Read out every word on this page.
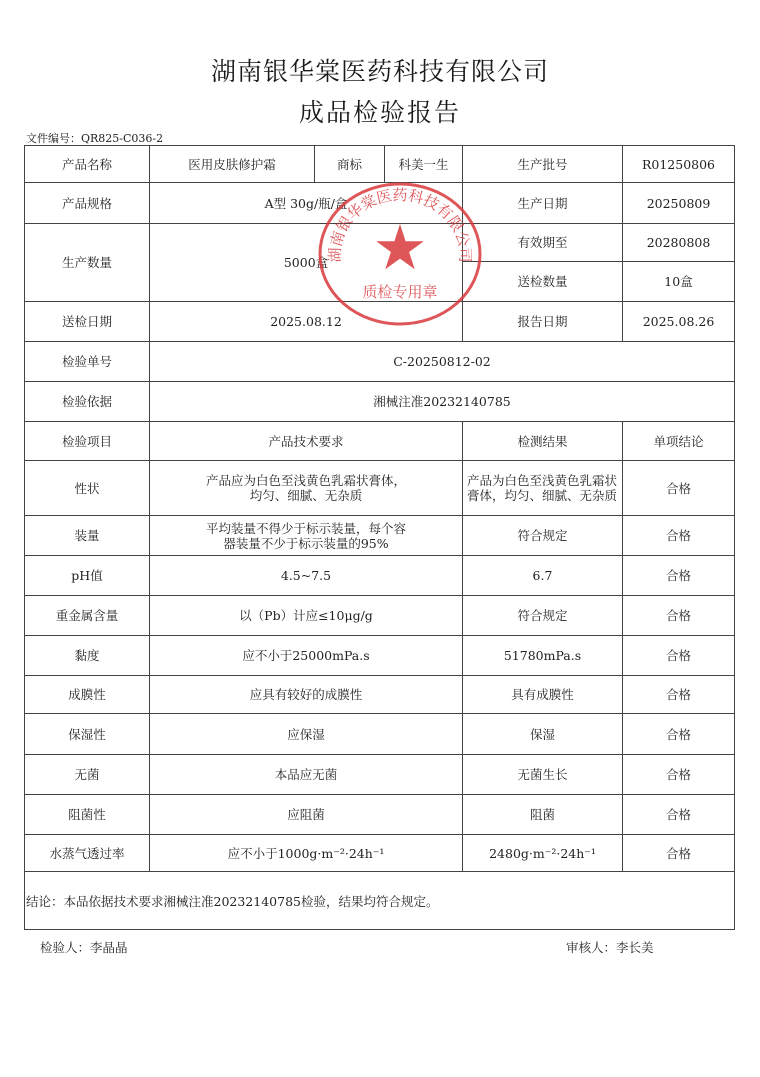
湖南银华棠医药科技有限公司
成品检验报告
文件编号：QR825-C036-2
产品名称	医用皮肤修护霜	商标	科美一生	生产批号	R01250806
产品规格	A型 30g/瓶/盒			生产日期	20250809
生产数量	5000盒			有效期至	20280808
				送检数量	10盒
送检日期	2025.08.12			报告日期	2025.08.26
检验单号	C-20250812-02				
检验依据	湘械注准20232140785				
检验项目	产品技术要求			检测结果	单项结论
性状	产品应为白色至浅黄色乳霜状膏体，均匀、细腻、无杂质			产品为白色至浅黄色乳霜状膏体，均匀、细腻、无杂质	合格
装量	平均装量不得少于标示装量，每个容器装量不少于标示装量的95%			符合规定	合格
pH值	4.5~7.5			6.7	合格
重金属含量	以（Pb）计应≤10μg/g			符合规定	合格
黏度	应不小于25000mPa.s			51780mPa.s	合格
成膜性	应具有较好的成膜性			具有成膜性	合格
保湿性	应保湿			保湿	合格
无菌	本品应无菌			无菌生长	合格
阻菌性	应阻菌			阻菌	合格
水蒸气透过率	应不小于1000g·m⁻²·24h⁻¹			2480g·m⁻²·24h⁻¹	合格

结论：本品依据技术要求湘械注准20232140785检验，结果均符合规定。
检验人：李晶晶	审核人：李长美
湖南银华棠医药科技有限公司
质检专用章
